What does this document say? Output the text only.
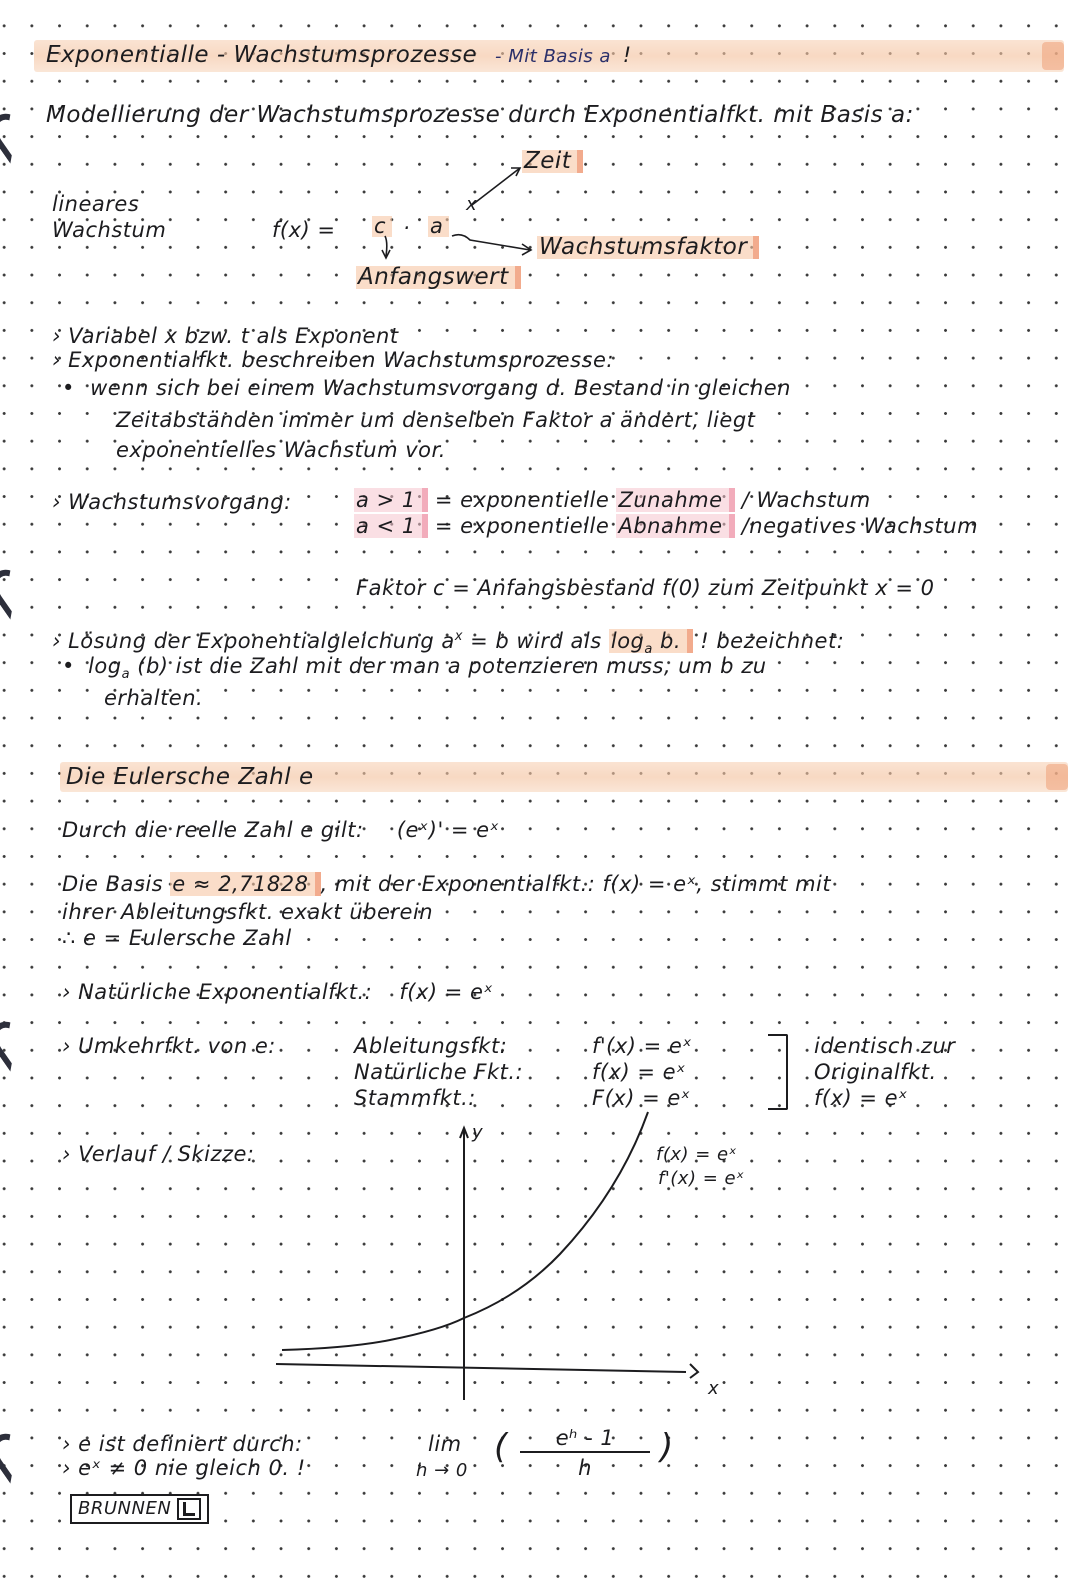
Exponentialle - Wachstumsprozesse - Mit Basis a !
Modellierung der Wachstumsprozesse durch Exponentialfkt. mit Basis a:
lineares
Wachstum	f(x) = c · a
x
Zeit
Wachstumsfaktor
Anfangswert
› Variabel x bzw. t als Exponent
› Exponentialfkt. beschreiben Wachstumsprozesse:
• wenn sich bei einem Wachstumsvorgang d. Bestand in gleichen
Zeitabständen immer um denselben Faktor a ändert, liegt
exponentielles Wachstum vor.
› Wachstumsvorgang:	a > 1 = exponentielle Zunahme / Wachstum
a < 1 = exponentielle Abnahme /negatives Wachstum
Faktor c = Anfangsbestand f(0) zum Zeitpunkt x = 0
› Lösung der Exponentialgleichung $a^x = b$ wird als $\log_a b$. ! bezeichnet:
• $\log_a (b)$ ist die Zahl mit der man a potenzieren muss, um b zu
erhalten.
Die Eulersche Zahl e
Durch die reelle Zahl e gilt: (eˣ)' = eˣ
Die Basis e ≈ 2,71828 , mit der Exponentialfkt.: f(x) = eˣ, stimmt mit
ihrer Ableitungsfkt. exakt überein
∴ e = Eulersche Zahl
› Natürliche Exponentialfkt.: f(x) = eˣ
› Umkehrfkt. von e:	Ableitungsfkt:	f'(x) = eˣ
Natürliche Fkt.:	f(x) = eˣ
Stammfkt.:	F(x) = eˣ
identisch zur
Originalfkt.
f(x) = eˣ
› Verlauf / Skizze:
y
x
f(x) = eˣ
f'(x) = eˣ
› e ist definiert durch:
› eˣ ≠ 0 nie gleich 0. !
lim
h → 0
(	eʰ - 1
h
)
BRUNNEN
